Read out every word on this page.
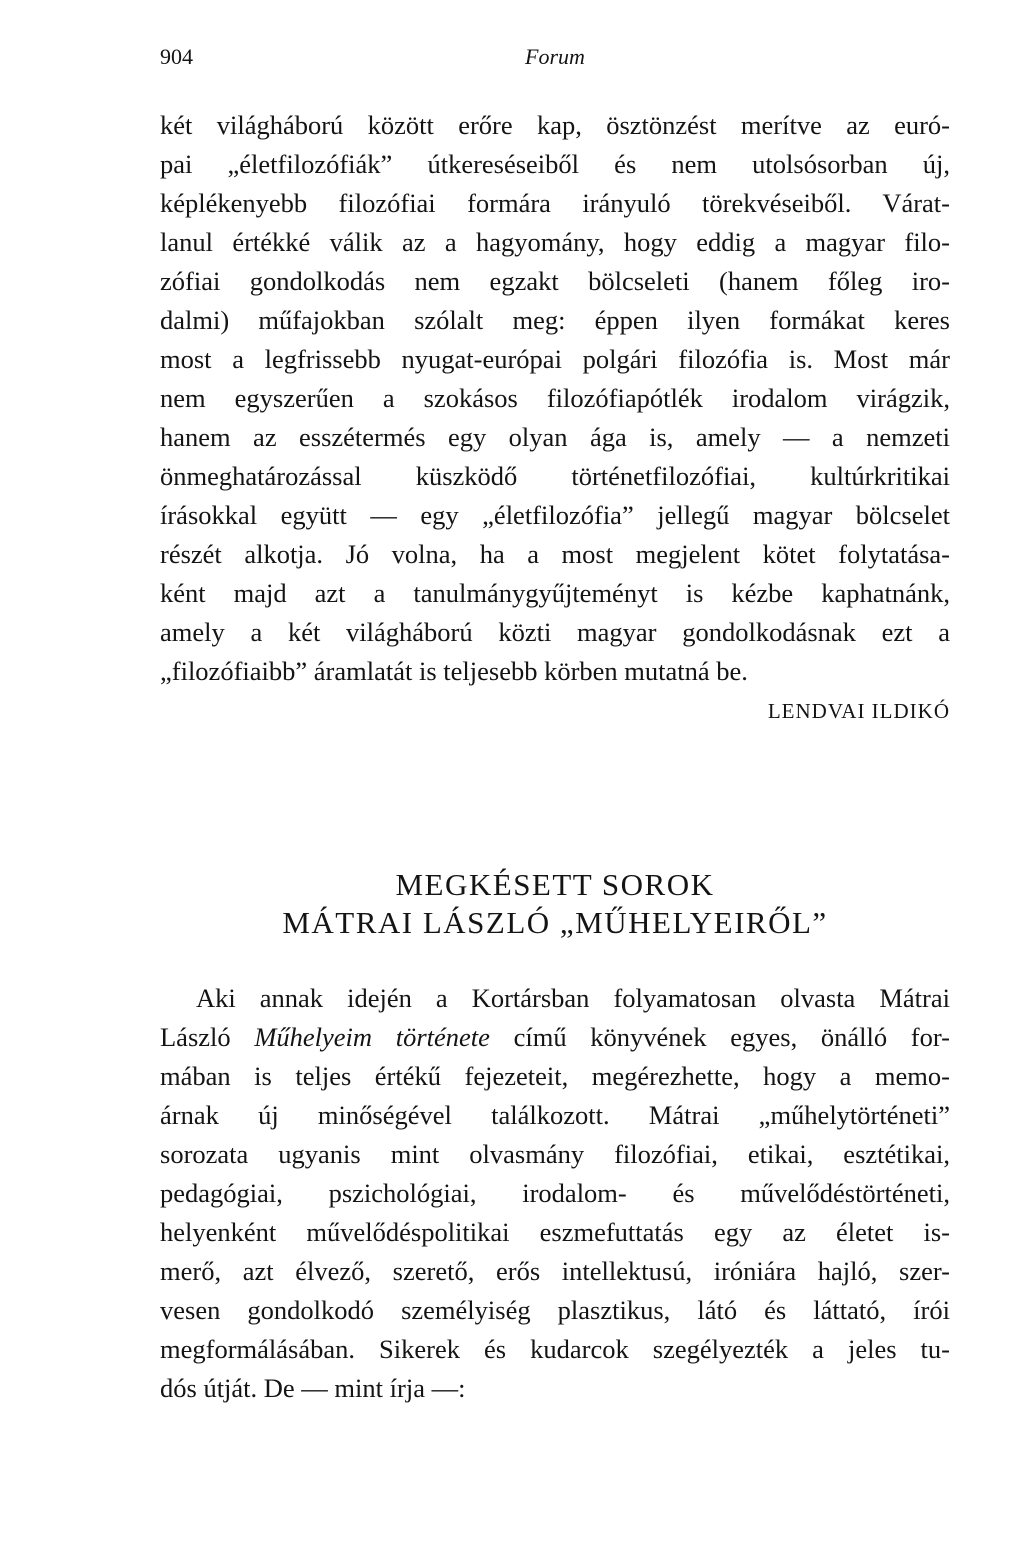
904	Forum
két világháború között erőre kap, ösztönzést merítve az euró-
pai „életfilozófiák” útkereséseiből és nem utolsósorban új,
képlékenyebb filozófiai formára irányuló törekvéseiből. Várat-
lanul értékké válik az a hagyomány, hogy eddig a magyar filo-
zófiai gondolkodás nem egzakt bölcseleti (hanem főleg iro-
dalmi) műfajokban szólalt meg: éppen ilyen formákat keres
most a legfrissebb nyugat-európai polgári filozófia is. Most már
nem egyszerűen a szokásos filozófiapótlék irodalom virágzik,
hanem az esszétermés egy olyan ága is, amely — a nemzeti
önmeghatározással küszködő történetfilozófiai, kultúrkritikai
írásokkal együtt — egy „életfilozófia” jellegű magyar bölcselet
részét alkotja. Jó volna, ha a most megjelent kötet folytatása-
ként majd azt a tanulmánygyűjteményt is kézbe kaphatnánk,
amely a két világháború közti magyar gondolkodásnak ezt a
„filozófiaibb” áramlatát is teljesebb körben mutatná be.
LENDVAI ILDIKÓ
MEGKÉSETT SOROK
MÁTRAI LÁSZLÓ „MŰHELYEIRŐL”
Aki annak idején a Kortársban folyamatosan olvasta Mátrai
László Műhelyeim története című könyvének egyes, önálló for-
mában is teljes értékű fejezeteit, megérezhette, hogy a memo-
árnak új minőségével találkozott. Mátrai „műhelytörténeti”
sorozata ugyanis mint olvasmány filozófiai, etikai, esztétikai,
pedagógiai, pszichológiai, irodalom- és művelődéstörténeti,
helyenként művelődéspolitikai eszmefuttatás egy az életet is-
merő, azt élvező, szerető, erős intellektusú, iróniára hajló, szer-
vesen gondolkodó személyiség plasztikus, látó és láttató, írói
megformálásában. Sikerek és kudarcok szegélyezték a jeles tu-
dós útját. De — mint írja —:
